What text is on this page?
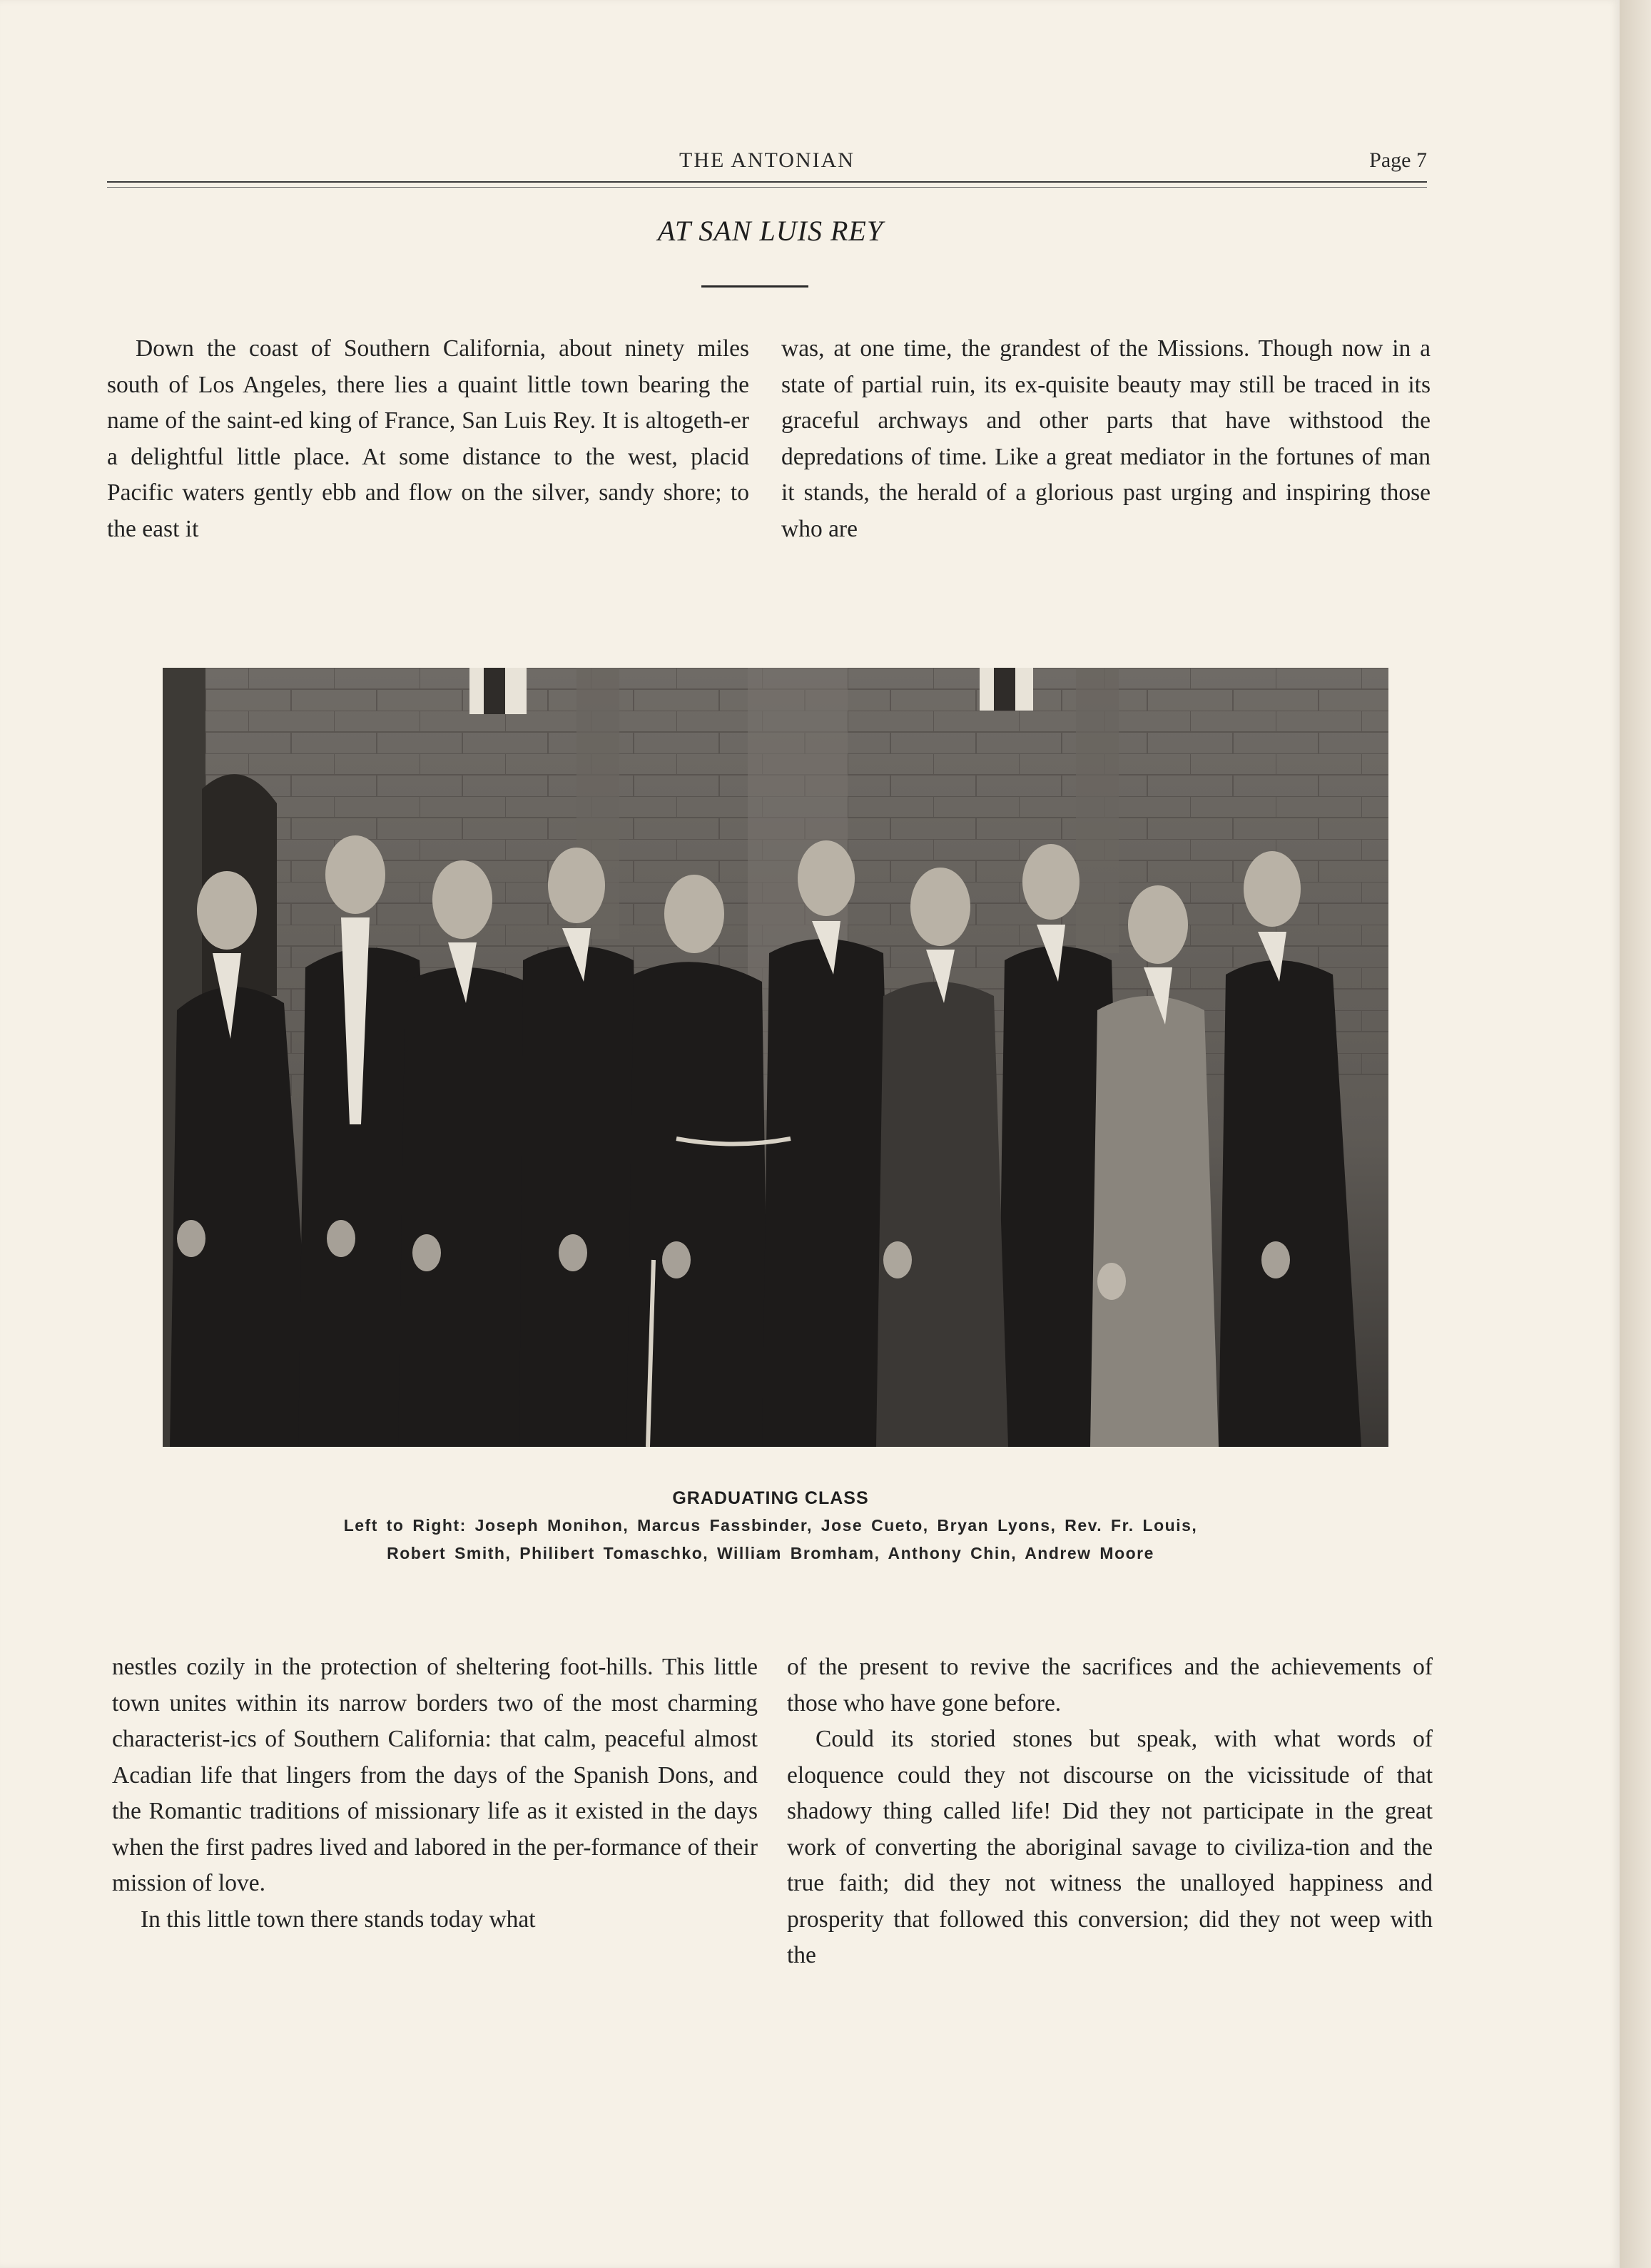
THE ANTONIAN	Page 7
AT SAN LUIS REY

Down the coast of Southern California, about ninety miles south of Los Angeles, there lies a quaint little town bearing the name of the saint-ed king of France, San Luis Rey. It is altogeth-er a delightful little place. At some distance to the west, placid Pacific waters gently ebb and flow on the silver, sandy shore; to the east it

was, at one time, the grandest of the Missions. Though now in a state of partial ruin, its ex-quisite beauty may still be traced in its graceful archways and other parts that have withstood the depredations of time. Like a great mediator in the fortunes of man it stands, the herald of a glorious past urging and inspiring those who are

GRADUATING CLASS
Left to Right: Joseph Monihon, Marcus Fassbinder, Jose Cueto, Bryan Lyons, Rev. Fr. Louis,
Robert Smith, Philibert Tomaschko, William Bromham, Anthony Chin, Andrew Moore

nestles cozily in the protection of sheltering foot-hills. This little town unites within its narrow borders two of the most charming characterist-ics of Southern California: that calm, peaceful almost Acadian life that lingers from the days of the Spanish Dons, and the Romantic traditions of missionary life as it existed in the days when the first padres lived and labored in the per-formance of their mission of love.

In this little town there stands today what

of the present to revive the sacrifices and the achievements of those who have gone before.

Could its storied stones but speak, with what words of eloquence could they not discourse on the vicissitude of that shadowy thing called life! Did they not participate in the great work of converting the aboriginal savage to civiliza-tion and the true faith; did they not witness the unalloyed happiness and prosperity that followed this conversion; did they not weep with the
